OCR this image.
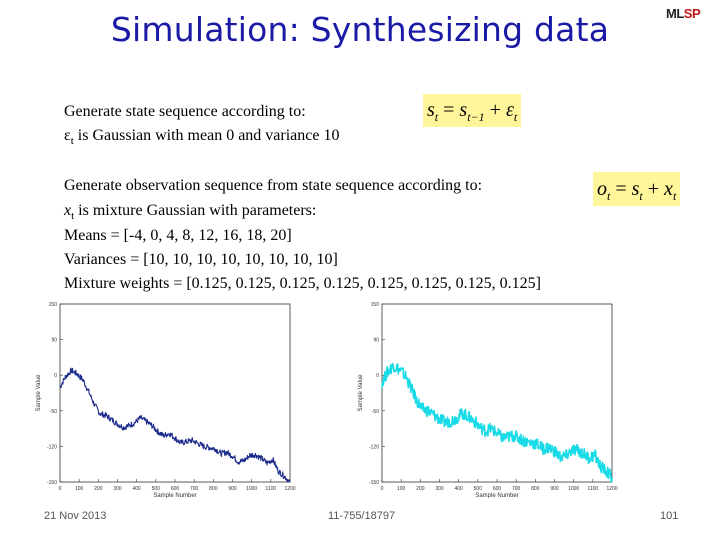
Simulation: Synthesizing data	MLSP
Generate state sequence according to:
$\varepsilon_t$ is Gaussian with mean 0 and variance 10
$s_t = s_{t-1} + \varepsilon_t$
Generate observation sequence from state sequence according to:
$x_t$ is mixture Gaussian with parameters:
Means = [-4, 0, 4, 8, 12, 16, 18, 20]
Variances = [10, 10, 10, 10, 10, 10, 10, 10]
Mixture weights = [0.125, 0.125, 0.125, 0.125, 0.125, 0.125, 0.125, 0.125]
$o_t = s_t + x_t$
150
90
0
-50
-120
-150
0	100 200 300 400 500 600 700 800 900 1000 1100 1200
Sample Number
Sample Value
150
90
0
-50
-120
-150
0	100 200 300 400 500 600 700 800 900 1000 1100 1200
Sample Number
Sample Value
21 Nov 2013	11-755/18797	101
